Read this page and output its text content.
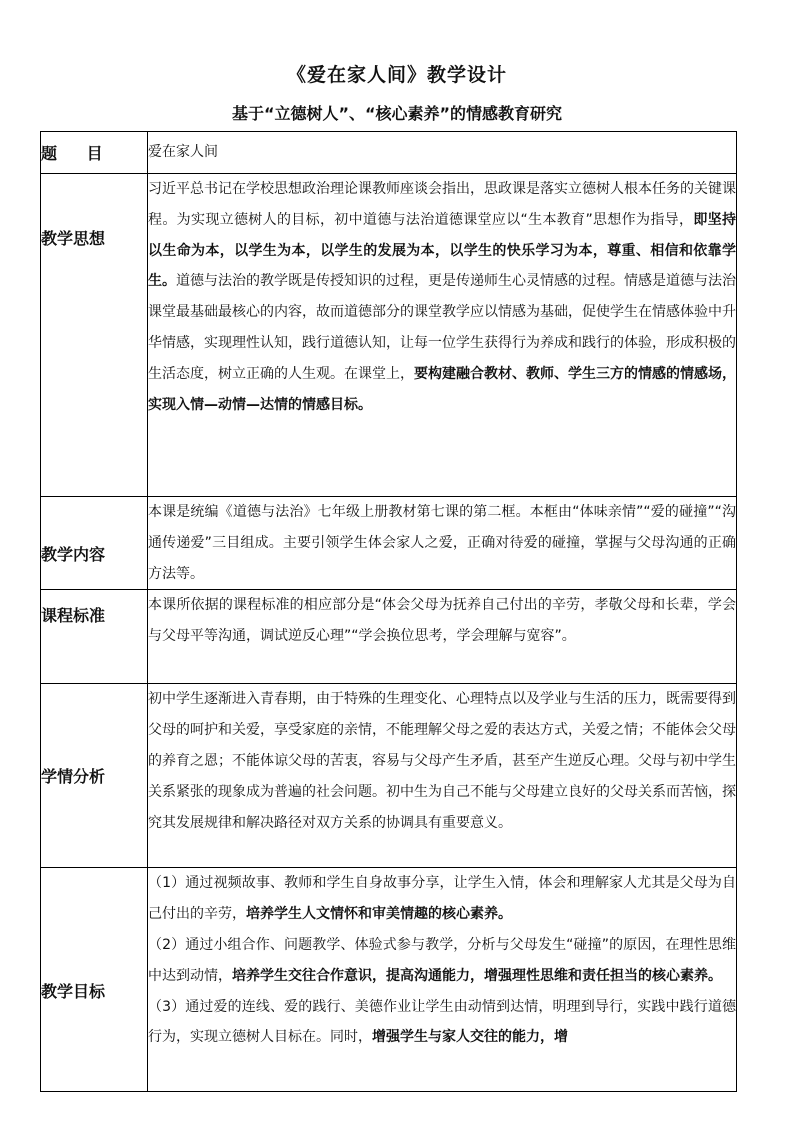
《爱在家人间》教学设计
基于“立德树人”、“核心素养”的情感教育研究
题 目	爱在家人间
教学思想	习近平总书记在学校思想政治理论课教师座谈会指出，思政课是落实立德树人根本任务的关键课程。为实现立德树人的目标，初中道德与法治道德课堂应以“生本教育”思想作为指导，即坚持以生命为本，以学生为本，以学生的发展为本，以学生的快乐学习为本，尊重、相信和依靠学生。道德与法治的教学既是传授知识的过程，更是传递师生心灵情感的过程。情感是道德与法治课堂最基础最核心的内容，故而道德部分的课堂教学应以情感为基础，促使学生在情感体验中升华情感，实现理性认知，践行道德认知，让每一位学生获得行为养成和践行的体验，形成积极的生活态度，树立正确的人生观。在课堂上，要构建融合教材、教师、学生三方的情感的情感场，实现入情—动情—达情的情感目标。
教学内容	本课是统编《道德与法治》七年级上册教材第七课的第二框。本框由“体味亲情”“爱的碰撞”“沟通传递爱”三目组成。主要引领学生体会家人之爱，正确对待爱的碰撞，掌握与父母沟通的正确方法等。
课程标准	本课所依据的课程标准的相应部分是“体会父母为抚养自己付出的辛劳，孝敬父母和长辈，学会与父母平等沟通，调试逆反心理”“学会换位思考，学会理解与宽容”。
学情分析	初中学生逐渐进入青春期，由于特殊的生理变化、心理特点以及学业与生活的压力，既需要得到父母的呵护和关爱，享受家庭的亲情，不能理解父母之爱的表达方式，关爱之情；不能体会父母的养育之恩；不能体谅父母的苦衷，容易与父母产生矛盾，甚至产生逆反心理。父母与初中学生关系紧张的现象成为普遍的社会问题。初中生为自己不能与父母建立良好的父母关系而苦恼，探究其发展规律和解决路径对双方关系的协调具有重要意义。
教学目标	（1）通过视频故事、教师和学生自身故事分享，让学生入情，体会和理解家人尤其是父母为自己付出的辛劳，培养学生人文情怀和审美情趣的核心素养。

（2）通过小组合作、问题教学、体验式参与教学，分析与父母发生“碰撞”的原因，在理性思维中达到动情，培养学生交往合作意识，提高沟通能力，增强理性思维和责任担当的核心素养。

（3）通过爱的连线、爱的践行、美德作业让学生由动情到达情，明理到导行，实践中践行道德行为，实现立德树人目标在。同时，增强学生与家人交往的能力，增
